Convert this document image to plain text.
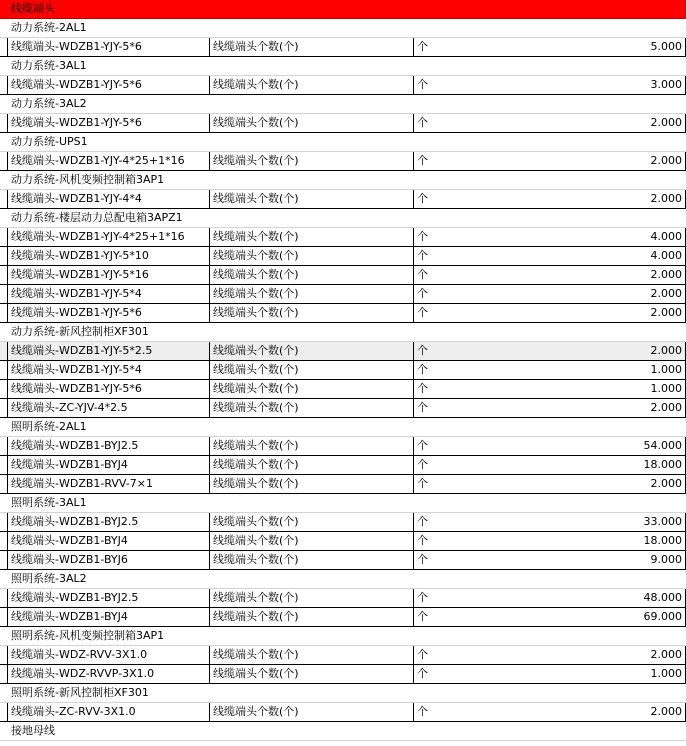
线缆端头
动力系统-2AL1
线缆端头-WDZB1-YJY-5*6	线缆端头个数(个)	个	5.000
动力系统-3AL1
线缆端头-WDZB1-YJY-5*6	线缆端头个数(个)	个	3.000
动力系统-3AL2
线缆端头-WDZB1-YJY-5*6	线缆端头个数(个)	个	2.000
动力系统-UPS1
线缆端头-WDZB1-YJY-4*25+1*16	线缆端头个数(个)	个	2.000
动力系统-风机变频控制箱3AP1
线缆端头-WDZB1-YJY-4*4	线缆端头个数(个)	个	2.000
动力系统-楼层动力总配电箱3APZ1
线缆端头-WDZB1-YJY-4*25+1*16	线缆端头个数(个)	个	4.000
线缆端头-WDZB1-YJY-5*10	线缆端头个数(个)	个	4.000
线缆端头-WDZB1-YJY-5*16	线缆端头个数(个)	个	2.000
线缆端头-WDZB1-YJY-5*4	线缆端头个数(个)	个	2.000
线缆端头-WDZB1-YJY-5*6	线缆端头个数(个)	个	2.000
动力系统-新风控制柜XF301
线缆端头-WDZB1-YJY-5*2.5	线缆端头个数(个)	个	2.000
线缆端头-WDZB1-YJY-5*4	线缆端头个数(个)	个	1.000
线缆端头-WDZB1-YJY-5*6	线缆端头个数(个)	个	1.000
线缆端头-ZC-YJV-4*2.5	线缆端头个数(个)	个	2.000
照明系统-2AL1
线缆端头-WDZB1-BYJ2.5	线缆端头个数(个)	个	54.000
线缆端头-WDZB1-BYJ4	线缆端头个数(个)	个	18.000
线缆端头-WDZB1-RVV-7×1	线缆端头个数(个)	个	2.000
照明系统-3AL1
线缆端头-WDZB1-BYJ2.5	线缆端头个数(个)	个	33.000
线缆端头-WDZB1-BYJ4	线缆端头个数(个)	个	18.000
线缆端头-WDZB1-BYJ6	线缆端头个数(个)	个	9.000
照明系统-3AL2
线缆端头-WDZB1-BYJ2.5	线缆端头个数(个)	个	48.000
线缆端头-WDZB1-BYJ4	线缆端头个数(个)	个	69.000
照明系统-风机变频控制箱3AP1
线缆端头-WDZ-RVV-3X1.0	线缆端头个数(个)	个	2.000
线缆端头-WDZ-RVVP-3X1.0	线缆端头个数(个)	个	1.000
照明系统-新风控制柜XF301
线缆端头-ZC-RVV-3X1.0	线缆端头个数(个)	个	2.000
接地母线
